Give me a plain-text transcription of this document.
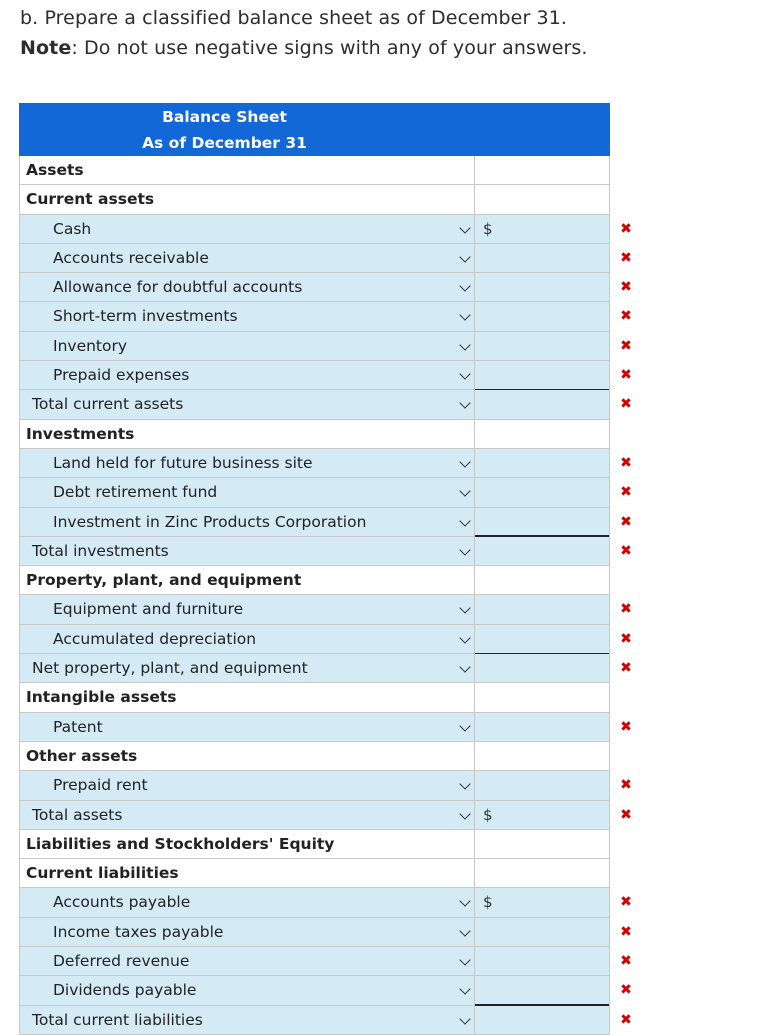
b. Prepare a classified balance sheet as of December 31.
Note: Do not use negative signs with any of your answers.
Balance Sheet
As of December 31
Assets
Current assets
Cash	$	✖
Accounts receivable	✖
Allowance for doubtful accounts	✖
Short-term investments	✖
Inventory	✖
Prepaid expenses	✖
Total current assets	✖
Investments
Land held for future business site	✖
Debt retirement fund	✖
Investment in Zinc Products Corporation	✖
Total investments	✖
Property, plant, and equipment
Equipment and furniture	✖
Accumulated depreciation	✖
Net property, plant, and equipment	✖
Intangible assets
Patent	✖
Other assets
Prepaid rent	✖
Total assets	$	✖
Liabilities and Stockholders' Equity
Current liabilities
Accounts payable	$	✖
Income taxes payable	✖
Deferred revenue	✖
Dividends payable	✖
Total current liabilities	✖
